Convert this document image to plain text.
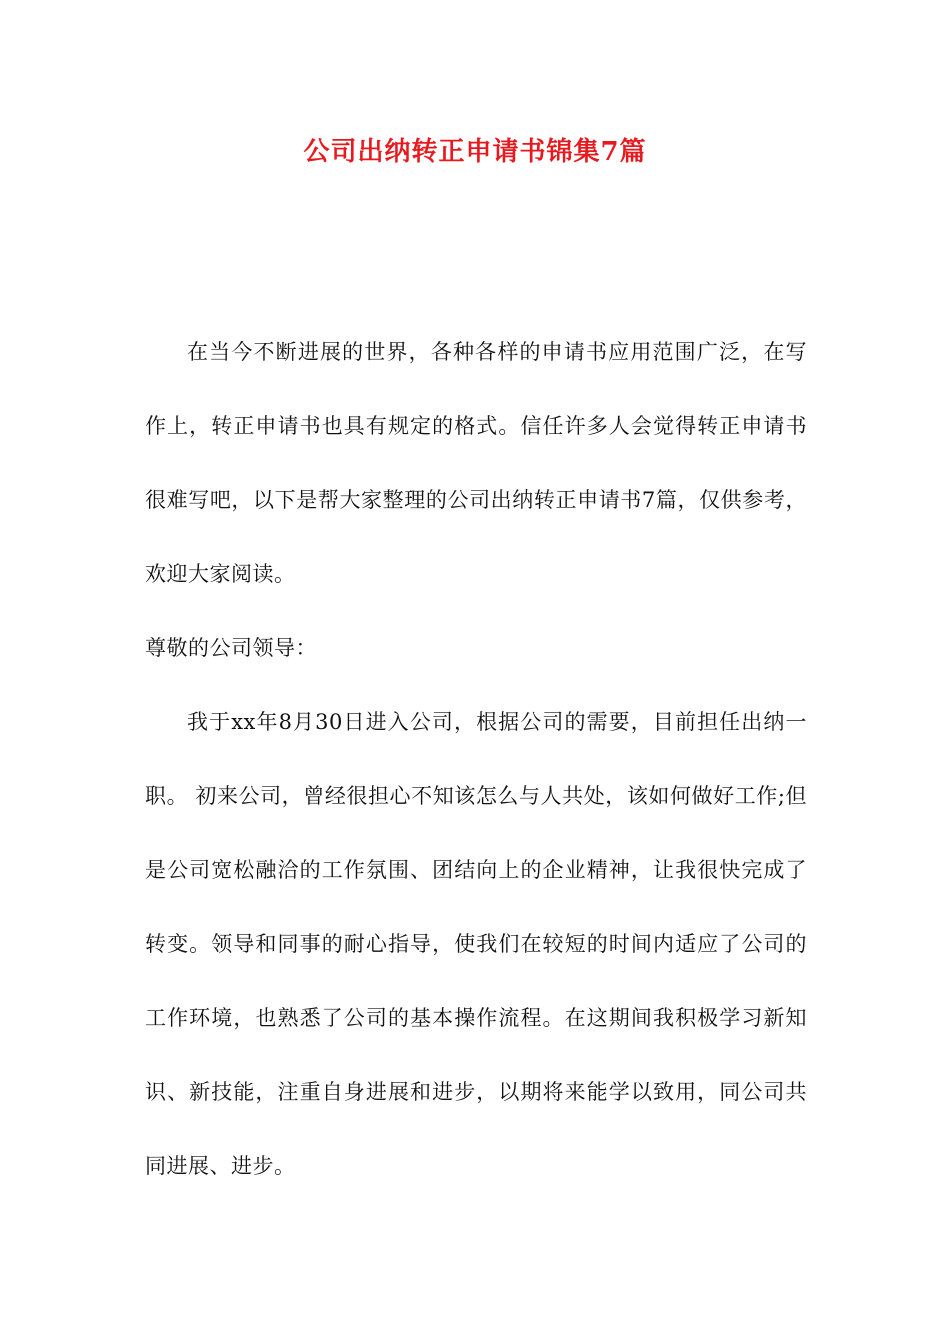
公司出纳转正申请书锦集7篇

在当今不断进展的世界，各种各样的申请书应用范围广泛，在写作上，转正申请书也具有规定的格式。信任许多人会觉得转正申请书很难写吧，以下是帮大家整理的公司出纳转正申请书7篇，仅供参考，欢迎大家阅读。

尊敬的公司领导：

我于xx年8月30日进入公司，根据公司的需要，目前担任出纳一职。 初来公司，曾经很担心不知该怎么与人共处，该如何做好工作;但是公司宽松融洽的工作氛围、团结向上的企业精神，让我很快完成了转变。领导和同事的耐心指导，使我们在较短的时间内适应了公司的工作环境，也熟悉了公司的基本操作流程。在这期间我积极学习新知识、新技能，注重自身进展和进步，以期将来能学以致用，同公司共同进展、进步。
